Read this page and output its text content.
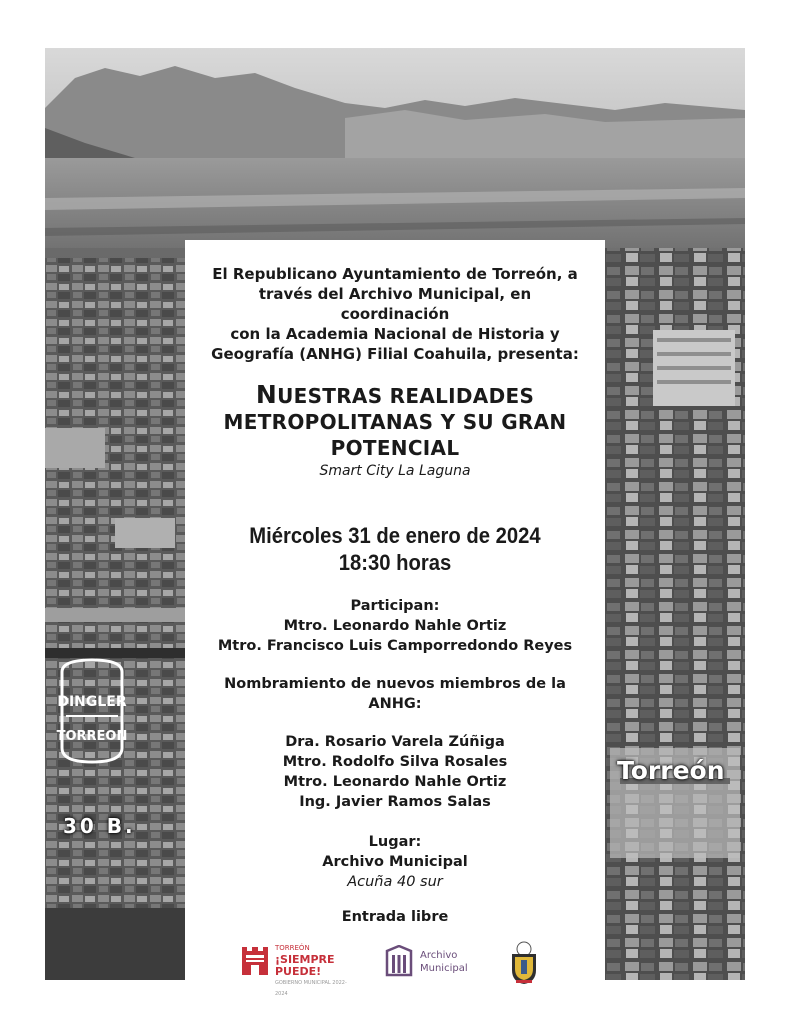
Torreón
DINGLER
TORREON
30 B.
El Republicano Ayuntamiento de Torreón, a
través del Archivo Municipal, en coordinación
con la Academia Nacional de Historia y
Geografía (ANHG) Filial Coahuila, presenta:
NUESTRAS REALIDADES
METROPOLITANAS Y SU GRAN
POTENCIAL
Smart City La Laguna
Miércoles 31 de enero de 2024
18:30 horas
Participan:
Mtro. Leonardo Nahle Ortiz
Mtro. Francisco Luis Camporredondo Reyes
Nombramiento de nuevos miembros de la
ANHG:
Dra. Rosario Varela Zúñiga
Mtro. Rodolfo Silva Rosales
Mtro. Leonardo Nahle Ortiz
Ing. Javier Ramos Salas
Lugar:
Archivo Municipal
Acuña 40 sur
Entrada libre
TORREÓN
¡SIEMPRE
PUEDE!
GOBIERNO MUNICIPAL 2022-2024
Archivo
Municipal
